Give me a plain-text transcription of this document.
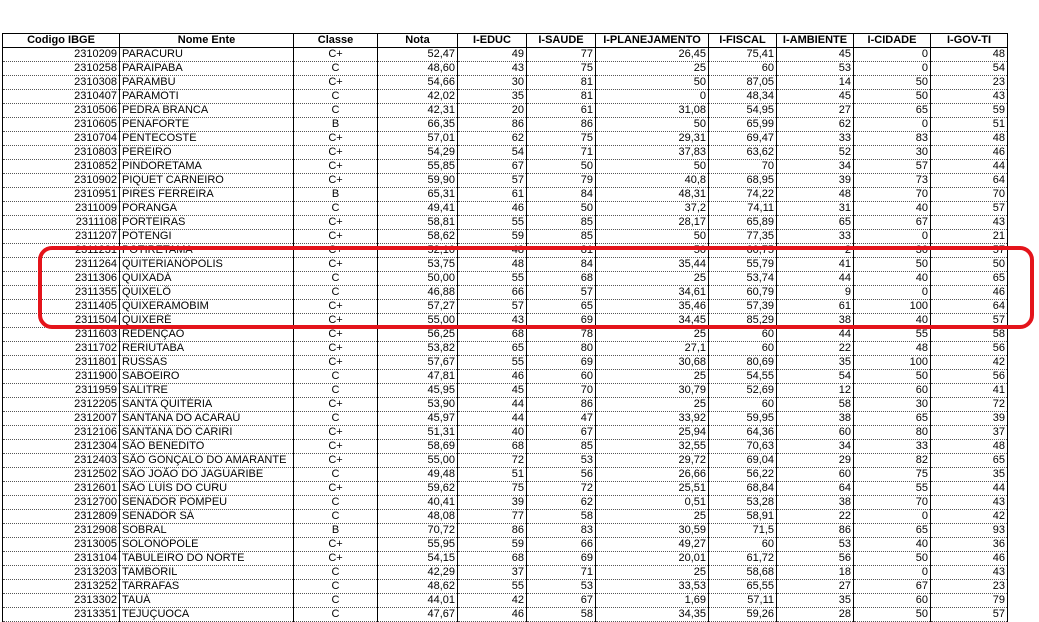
Codigo IBGE	Nome Ente	Classe	Nota	I-EDUC	I-SAUDE	I-PLANEJAMENTO	I-FISCAL	I-AMBIENTE	I-CIDADE	I-GOV-TI
2310209	PARACURU	C+	52,47	49	77	26,45	75,41	45	0	48
2310258	PARAIPABA	C	48,60	43	75	25	60	53	0	54
2310308	PARAMBU	C+	54,66	30	81	50	87,05	14	50	23
2310407	PARAMOTI	C	42,02	35	81	0	48,34	45	50	43
2310506	PEDRA BRANCA	C	42,31	20	61	31,08	54,95	27	65	59
2310605	PENAFORTE	B	66,35	86	86	50	65,99	62	0	51
2310704	PENTECOSTE	C+	57,01	62	75	29,31	69,47	33	83	48
2310803	PEREIRO	C+	54,29	54	71	37,83	63,62	52	30	46
2310852	PINDORETAMA	C+	55,85	67	50	50	70	34	57	44
2310902	PIQUET CARNEIRO	C+	59,90	57	79	40,8	68,95	39	73	64
2310951	PIRES FERREIRA	B	65,31	61	84	48,31	74,22	48	70	70
2311009	PORANGA	C	49,41	46	50	37,2	74,11	31	40	57
2311108	PORTEIRAS	C+	58,81	55	85	28,17	65,89	65	67	43
2311207	POTENGI	C+	58,62	59	85	50	77,35	33	0	21
2311231	POTIRETAMA	C+	52,10	48	81	50	60,75	2	30	57
2311264	QUITERIANÓPOLIS	C+	53,75	48	84	35,44	55,79	41	50	50
2311306	QUIXADÁ	C	50,00	55	68	25	53,74	44	40	65
2311355	QUIXELÔ	C	46,88	66	57	34,61	60,79	9	0	46
2311405	QUIXERAMOBIM	C+	57,27	57	65	35,46	57,39	61	100	64
2311504	QUIXERÉ	C+	55,00	43	69	34,45	85,29	38	40	57
2311603	REDENÇÃO	C+	56,25	68	78	25	60	44	55	58
2311702	RERIUTABA	C+	53,82	65	80	27,1	60	22	48	56
2311801	RUSSAS	C+	57,67	55	69	30,68	80,69	35	100	42
2311900	SABOEIRO	C	47,81	46	60	25	54,55	54	50	56
2311959	SALITRE	C	45,95	45	70	30,79	52,69	12	60	41
2312205	SANTA QUITÉRIA	C+	53,90	44	86	25	60	58	30	72
2312007	SANTANA DO ACARAÚ	C	45,97	44	47	33,92	59,95	38	65	39
2312106	SANTANA DO CARIRI	C+	51,31	40	67	25,94	64,36	60	80	37
2312304	SÃO BENEDITO	C+	58,69	68	85	32,55	70,63	34	33	48
2312403	SÃO GONÇALO DO AMARANTE	C+	55,00	72	53	29,72	69,04	29	82	65
2312502	SÃO JOÃO DO JAGUARIBE	C	49,48	51	56	26,66	56,22	60	75	35
2312601	SÃO LUÍS DO CURU	C+	59,62	75	72	25,51	68,84	64	55	44
2312700	SENADOR POMPEU	C	40,41	39	62	0,51	53,28	38	70	43
2312809	SENADOR SÁ	C	48,08	77	58	25	58,91	22	0	42
2312908	SOBRAL	B	70,72	86	83	30,59	71,5	86	65	93
2313005	SOLONÓPOLE	C+	55,95	59	66	49,27	60	53	40	36
2313104	TABULEIRO DO NORTE	C+	54,15	68	69	20,01	61,72	56	50	46
2313203	TAMBORIL	C	42,29	37	71	25	58,68	18	0	43
2313252	TARRAFAS	C	48,62	55	53	33,53	65,55	27	67	23
2313302	TAUÁ	C	44,01	42	67	1,69	57,11	35	60	79
2313351	TEJUÇUOCA	C	47,67	46	58	34,35	59,26	28	50	57
